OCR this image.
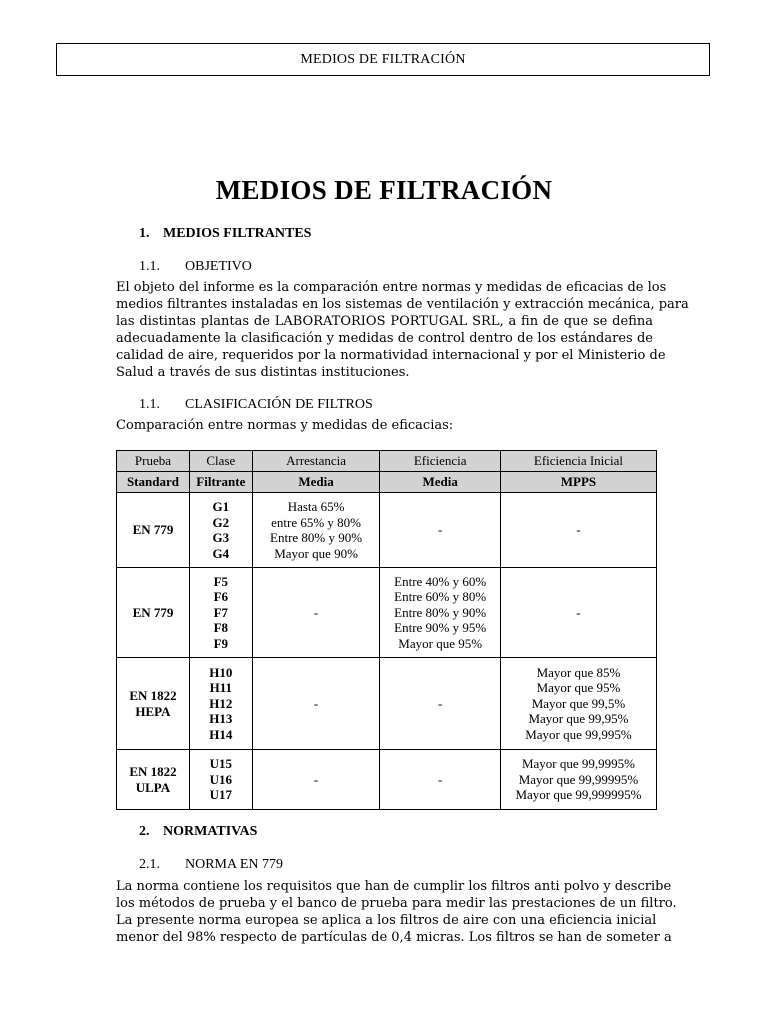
MEDIOS DE FILTRACIÓN
MEDIOS DE FILTRACIÓN
1. MEDIOS FILTRANTES
1.1. OBJETIVO
El objeto del informe es la comparación entre normas y medidas de eficacias de los
medios filtrantes instaladas en los sistemas de ventilación y extracción mecánica, para
las distintas plantas de LABORATORIOS PORTUGAL SRL, a fin de que se defina
adecuadamente la clasificación y medidas de control dentro de los estándares de
calidad de aire, requeridos por la normatividad internacional y por el Ministerio de
Salud a través de sus distintas instituciones.
1.1. CLASIFICACIÓN DE FILTROS
Comparación entre normas y medidas de eficacias:
Prueba	Clase	Arrestancia	Eficiencia	Eficiencia Inicial
Standard	Filtrante	Media	Media	MPPS

EN 779	G1
G2
G3
G4	Hasta 65%
entre 65% y 80%
Entre 80% y 90%
Mayor que 90%	-	-

EN 779	F5
F6
F7
F8
F9	-	Entre 40% y 60%
Entre 60% y 80%
Entre 80% y 90%
Entre 90% y 95%
Mayor que 95%	-

EN 1822
HEPA	H10
H11
H12
H13
H14	-	-	Mayor que 85%
Mayor que 95%
Mayor que 99,5%
Mayor que 99,95%
Mayor que 99,995%

EN 1822
ULPA	U15
U16
U17	-	-	Mayor que 99,9995%
Mayor que 99,99995%
Mayor que 99,999995%
2. NORMATIVAS
2.1. NORMA EN 779
La norma contiene los requisitos que han de cumplir los filtros anti polvo y describe
los métodos de prueba y el banco de prueba para medir las prestaciones de un filtro.
La presente norma europea se aplica a los filtros de aire con una eficiencia inicial
menor del 98% respecto de partículas de 0,4 micras. Los filtros se han de someter a
